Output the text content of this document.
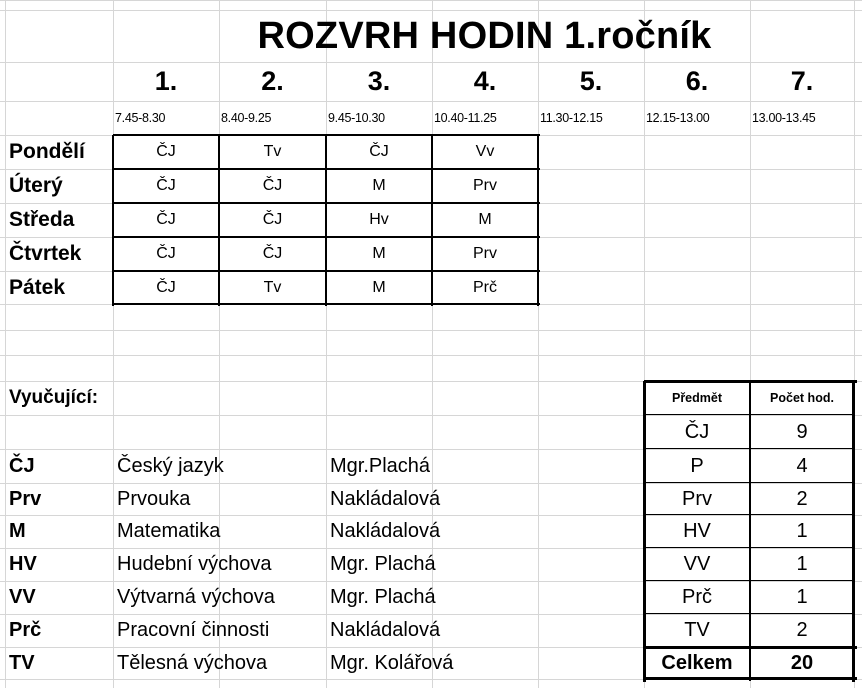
ROZVRH HODIN 1.ročník
1.	2.	3.	4.	5.	6.	7.
7.45-8.30	8.40-9.25	9.45-10.30	10.40-11.25	11.30-12.15	12.15-13.00	13.00-13.45
Pondělí	ČJ	Tv	ČJ	Vv
Úterý	ČJ	ČJ	M	Prv
Středa	ČJ	ČJ	Hv	M
Čtvrtek	ČJ	ČJ	M	Prv
Pátek	ČJ	Tv	M	Prč
Vyučující:
ČJ	Český jazyk	Mgr.Plachá
Prv	Prvouka	Nakládalová
M	Matematika	Nakládalová
HV	Hudební výchova	Mgr. Plachá
VV	Výtvarná výchova	Mgr. Plachá
Prč	Pracovní činnosti	Nakládalová
TV	Tělesná výchova	Mgr. Kolářová
Předmět	Počet hod.
ČJ	9
P	4
Prv	2
HV	1
VV	1
Prč	1
TV	2
Celkem	20
